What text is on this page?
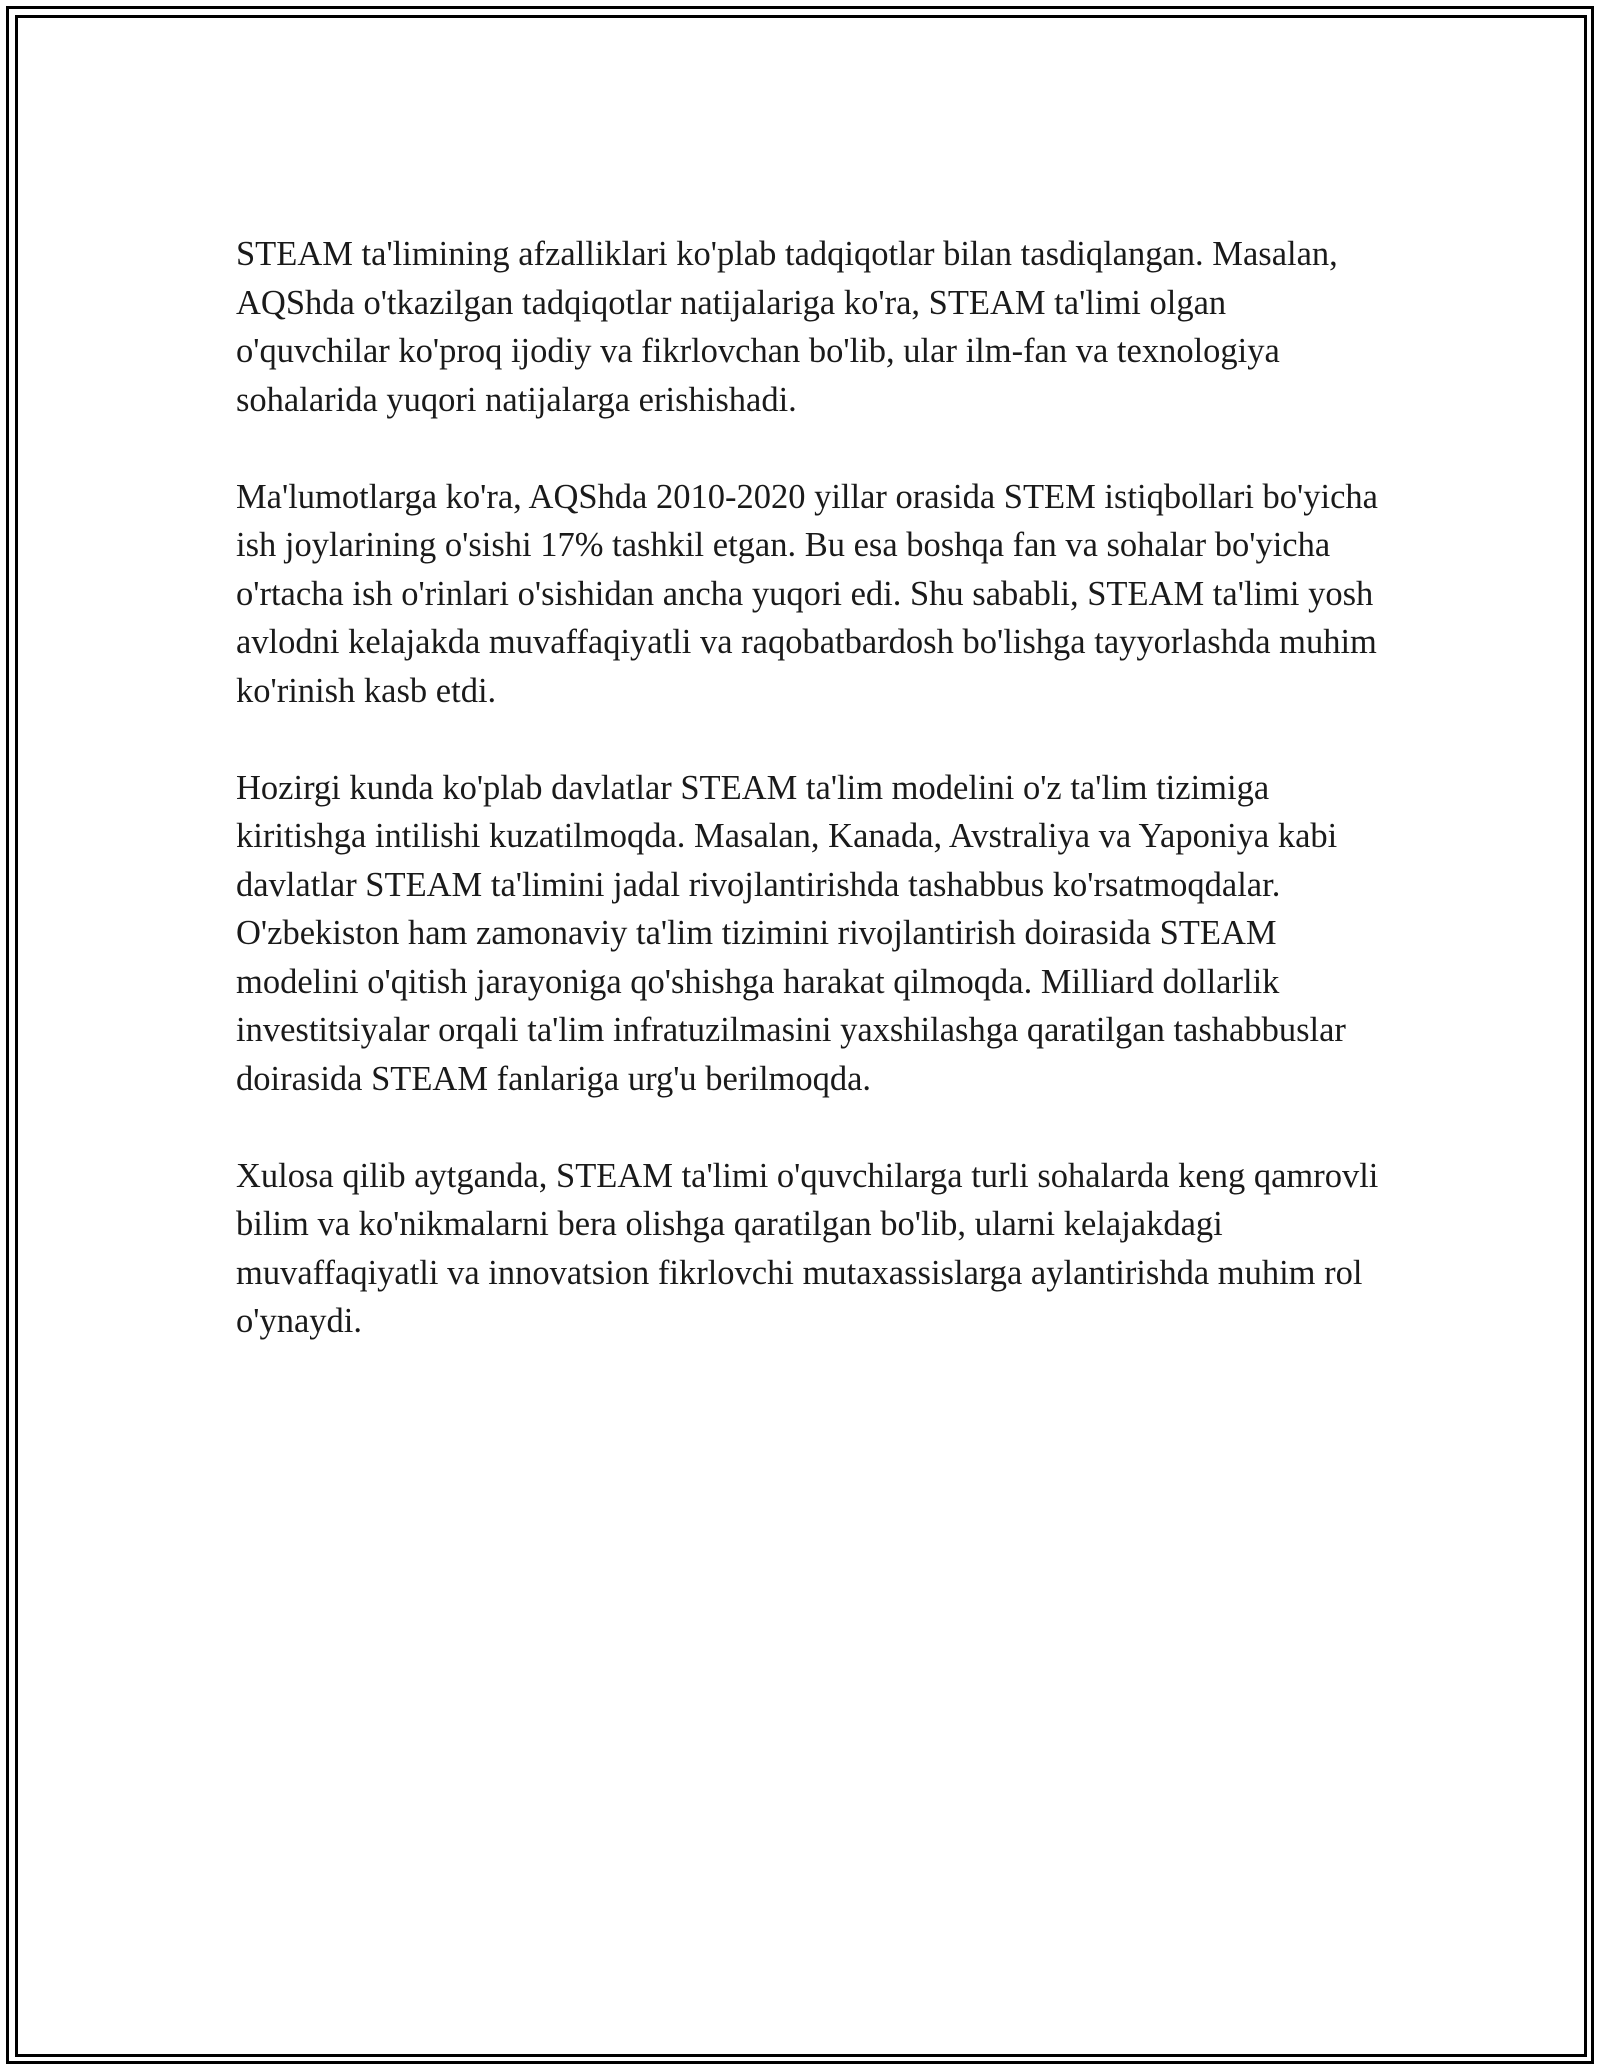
STEAM ta'limining afzalliklari ko'plab tadqiqotlar bilan tasdiqlangan. Masalan, AQShda o'tkazilgan tadqiqotlar natijalariga ko'ra, STEAM ta'limi olgan o'quvchilar ko'proq ijodiy va fikrlovchan bo'lib, ular ilm-fan va texnologiya sohalarida yuqori natijalarga erishishadi.

Ma'lumotlarga ko'ra, AQShda 2010-2020 yillar orasida STEM istiqbollari bo'yicha ish joylarining o'sishi 17% tashkil etgan. Bu esa boshqa fan va sohalar bo'yicha o'rtacha ish o'rinlari o'sishidan ancha yuqori edi. Shu sababli, STEAM ta'limi yosh avlodni kelajakda muvaffaqiyatli va raqobatbardosh bo'lishga tayyorlashda muhim ko'rinish kasb etdi.

Hozirgi kunda ko'plab davlatlar STEAM ta'lim modelini o'z ta'lim tizimiga kiritishga intilishi kuzatilmoqda. Masalan, Kanada, Avstraliya va Yaponiya kabi davlatlar STEAM ta'limini jadal rivojlantirishda tashabbus ko'rsatmoqdalar. O'zbekiston ham zamonaviy ta'lim tizimini rivojlantirish doirasida STEAM modelini o'qitish jarayoniga qo'shishga harakat qilmoqda. Milliard dollarlik investitsiyalar orqali ta'lim infratuzilmasini yaxshilashga qaratilgan tashabbuslar doirasida STEAM fanlariga urg'u berilmoqda.

Xulosa qilib aytganda, STEAM ta'limi o'quvchilarga turli sohalarda keng qamrovli bilim va ko'nikmalarni bera olishga qaratilgan bo'lib, ularni kelajakdagi muvaffaqiyatli va innovatsion fikrlovchi mutaxassislarga aylantirishda muhim rol o'ynaydi.
